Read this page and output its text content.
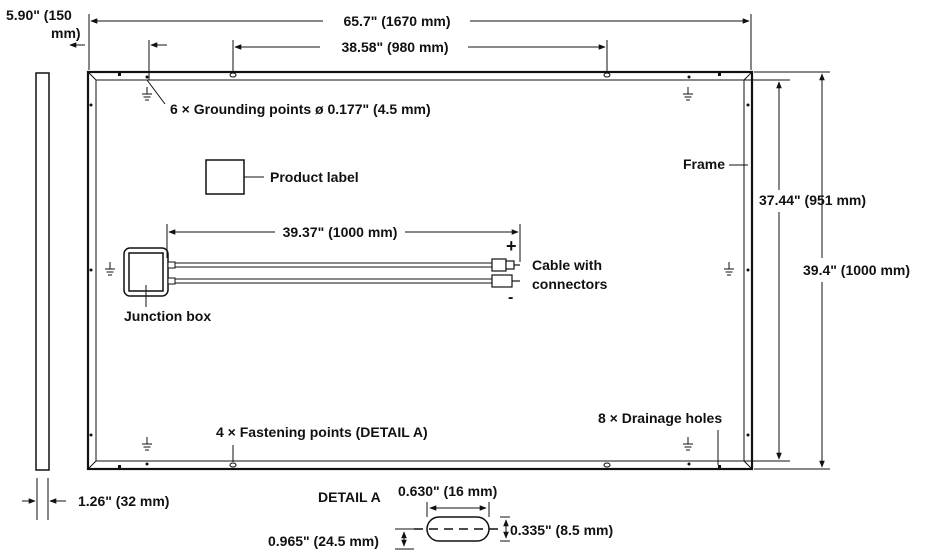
5.90" (150
mm)
65.7" (1670 mm)
38.58" (980 mm)
6 × Grounding points ø 0.177" (4.5 mm)
Product label
Frame
37.44" (951 mm)
39.4" (1000 mm)
Junction box
+
-
Cable with
connectors
39.37" (1000 mm)
4 × Fastening points (DETAIL A)
8 × Drainage holes
1.26" (32 mm)	DETAIL A 0.630" (16 mm)
0.335" (8.5 mm)
0.965" (24.5 mm)
